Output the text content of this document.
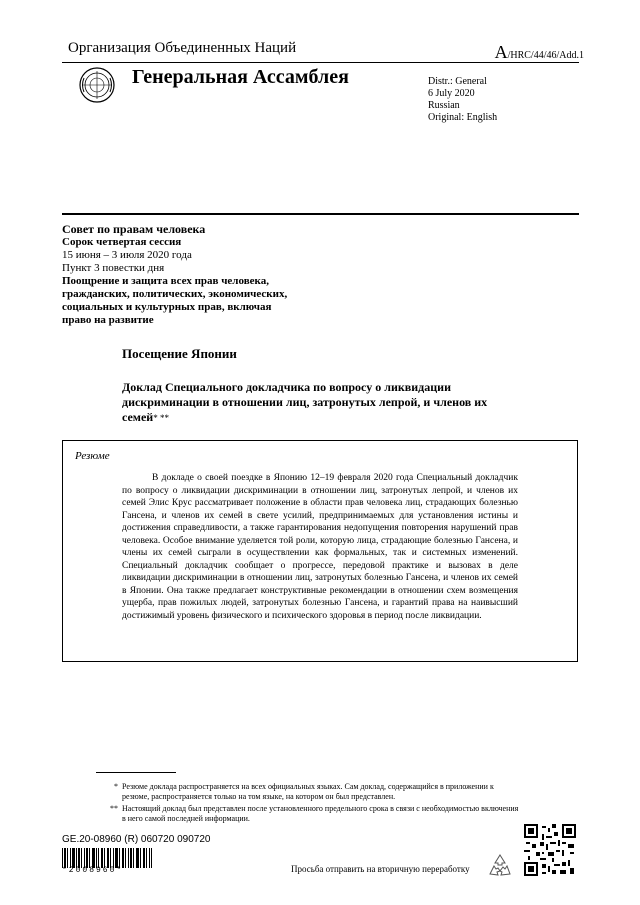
Организация Объединенных Наций	A/HRC/44/46/Add.1
Генеральная Ассамблея	Distr.: General
6 July 2020
Russian
Original: English

Совет по правам человека

Сорок четвертая сессия

15 июня – 3 июля 2020 года

Пункт 3 повестки дня

Поощрение и защита всех прав человека,

гражданских, политических, экономических,

социальных и культурных прав, включая

право на развитие

Посещение Японии
Доклад Специального докладчика по вопросу о ликвидации дискриминации в отношении лиц, затронутых лепрой, и членов их семей* **
Резюме
В докладе о своей поездке в Японию 12–19 февраля 2020 года Специальный докладчик по вопросу о ликвидации дискриминации в отношении лиц, затронутых лепрой, и членов их семей Элис Крус рассматривает положение в области прав человека лиц, страдающих болезнью Гансена, и членов их семей в свете усилий, предпринимаемых для установления истины и достижения справедливости, а также гарантирования недопущения повторения нарушений прав человека. Особое внимание уделяется той роли, которую лица, страдающие болезнью Гансена, и члены их семей сыграли в осуществлении как формальных, так и системных изменений. Специальный докладчик сообщает о прогрессе, передовой практике и вызовах в деле ликвидации дискриминации в отношении лиц, затронутых болезнью Гансена, и членов их семей в Японии. Она также предлагает конструктивные рекомендации в отношении схем возмещения ущерба, прав пожилых людей, затронутых болезнью Гансена, и гарантий права на наивысший достижимый уровень физического и психического здоровья в период после ликвидации.
* Резюме доклада распространяется на всех официальных языках. Сам доклад, содержащийся в приложении к резюме, распространяется только на том языке, на котором он был представлен.
** Настоящий доклад был представлен после установленного предельного срока в связи с необходимостью включения в него самой последней информации.
GE.20-08960 (R) 060720 090720
*2008960*	Просьба отправить на вторичную переработку
